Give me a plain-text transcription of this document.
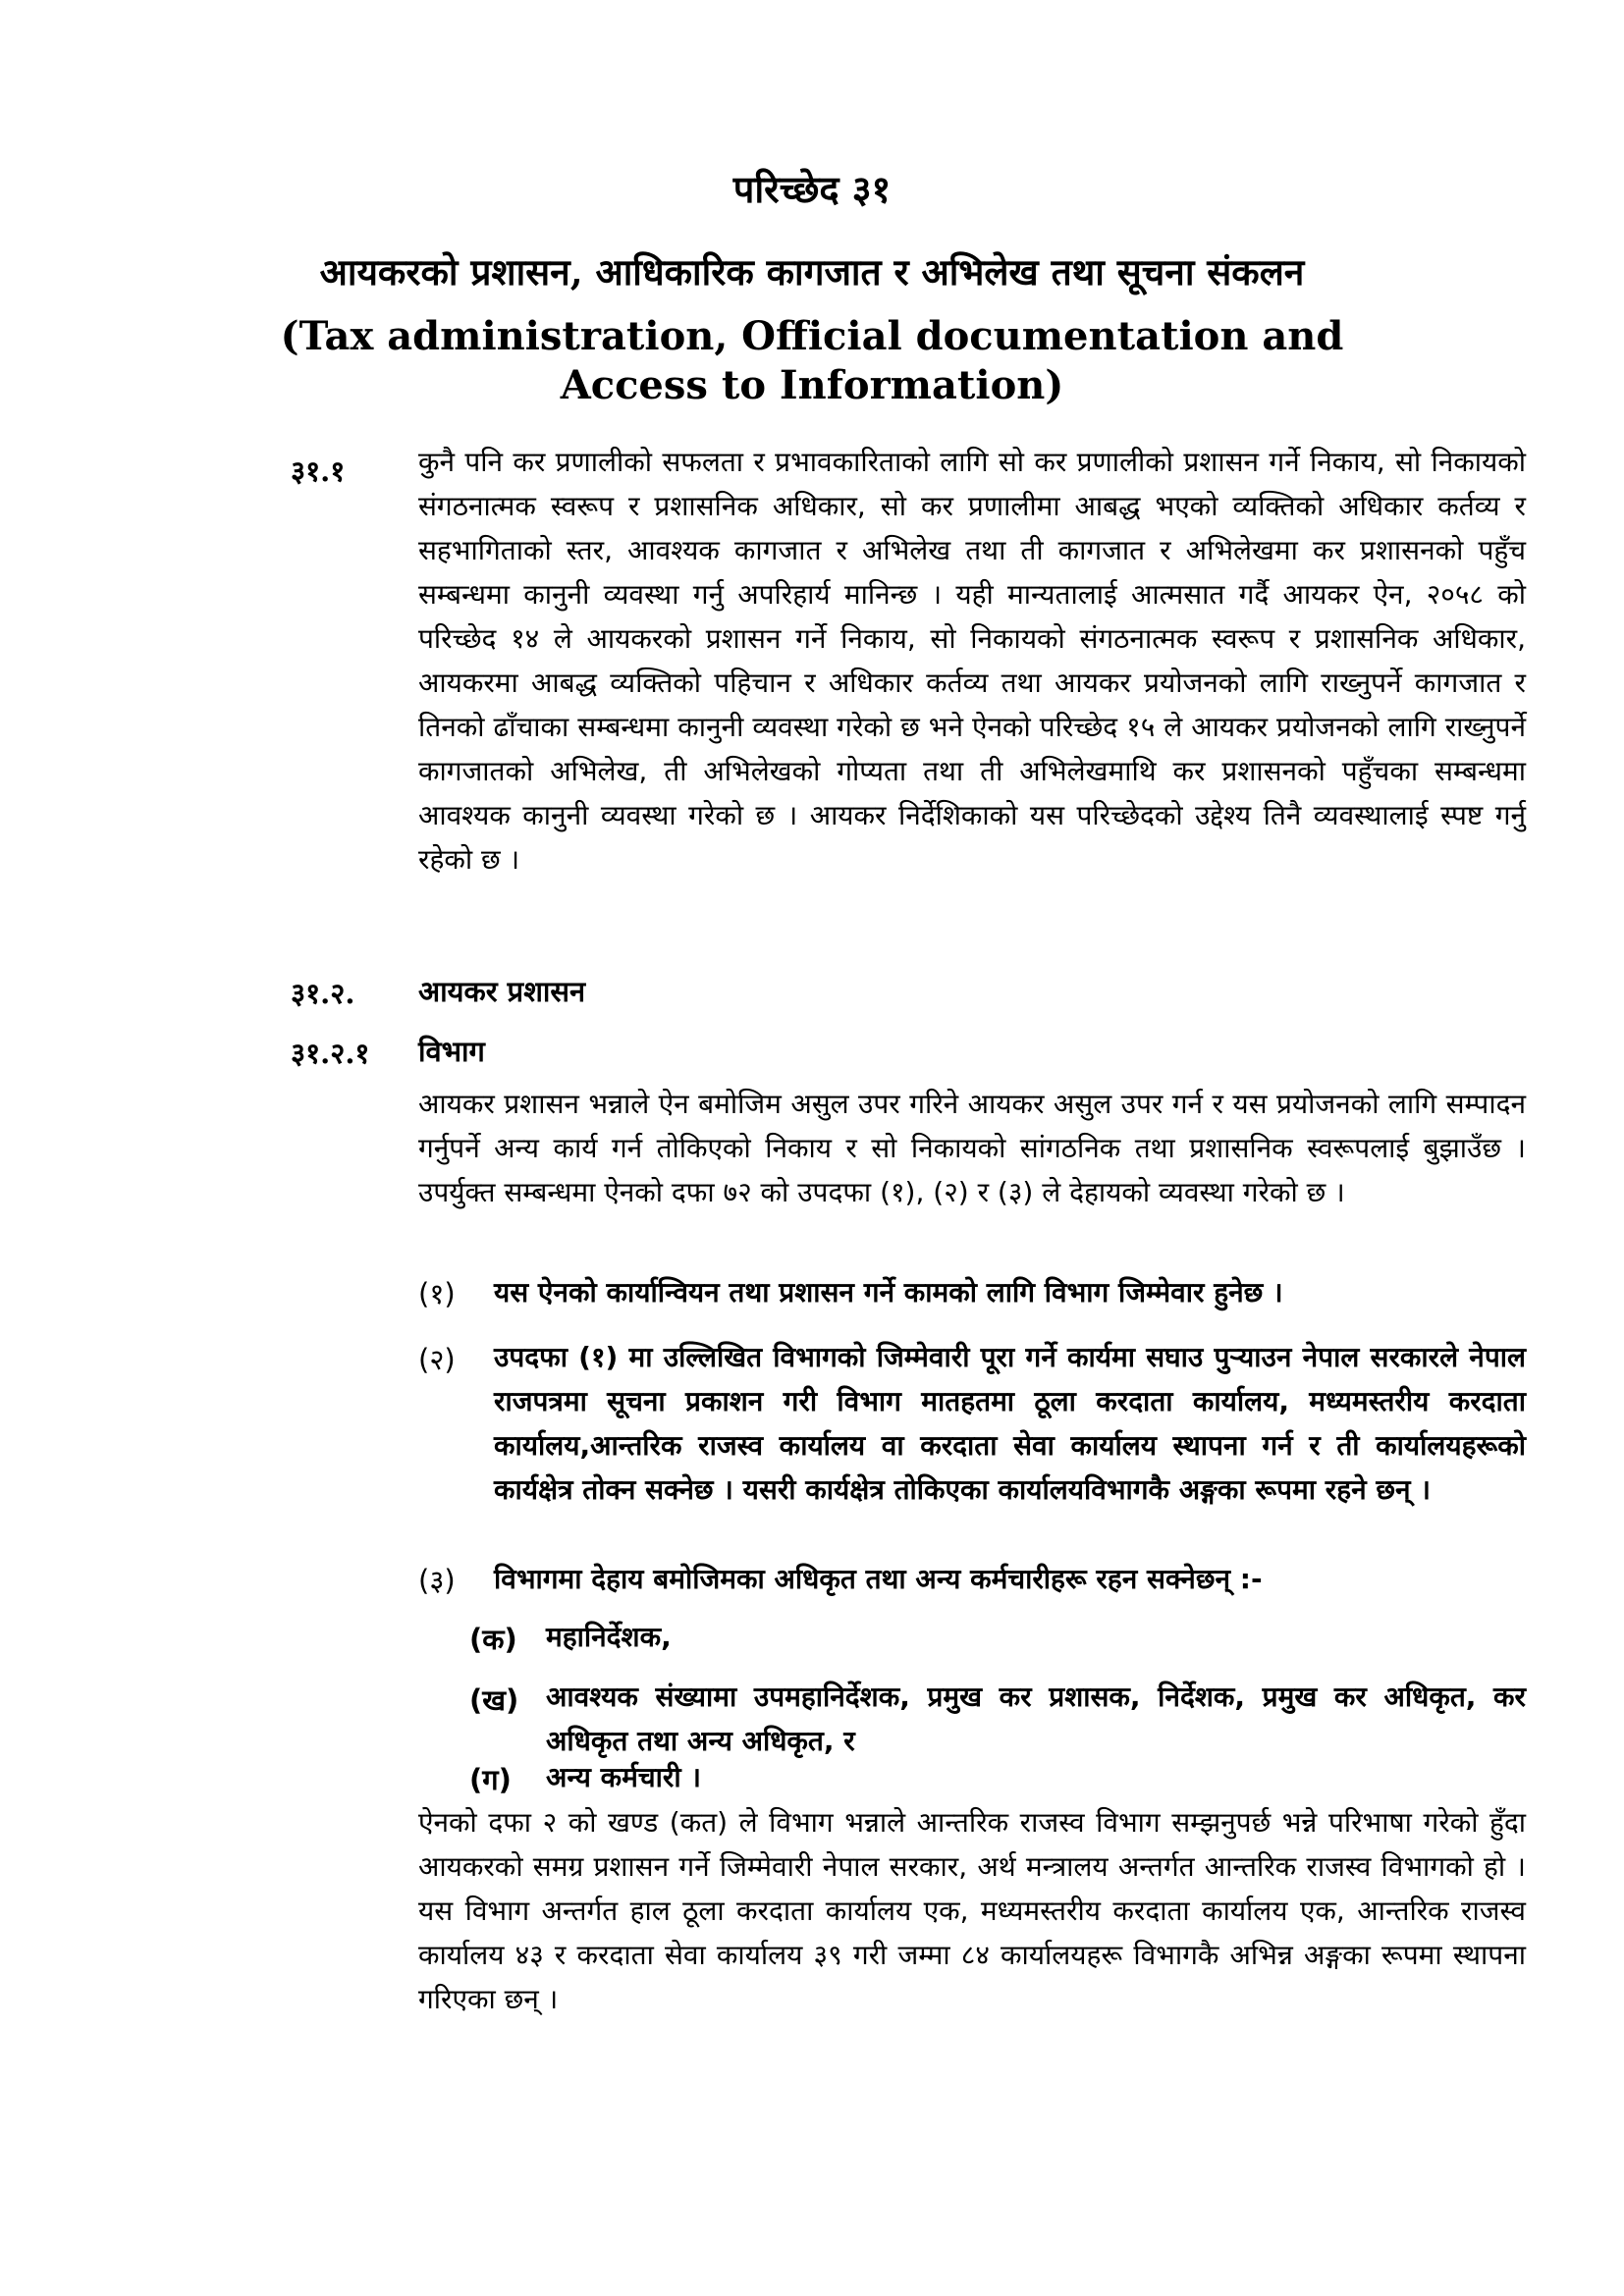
परिच्छेद ३१
आयकरको प्रशासन, आधिकारिक कागजात र अभिलेख तथा सूचना संकलन
(Tax administration, Official documentation and
Access to Information)
३१.१	कुनै पनि कर प्रणालीको सफलता र प्रभावकारिताको लागि सो कर प्रणालीको प्रशासन गर्ने निकाय, सो निकायको संगठनात्मक स्वरूप र प्रशासनिक अधिकार, सो कर प्रणालीमा आबद्ध भएको व्यक्तिको अधिकार कर्तव्य र सहभागिताको स्तर, आवश्यक कागजात र अभिलेख तथा ती कागजात र अभिलेखमा कर प्रशासनको पहुँच सम्बन्धमा कानुनी व्यवस्था गर्नु अपरिहार्य मानिन्छ । यही मान्यतालाई आत्मसात गर्दै आयकर ऐन, २०५८ को परिच्छेद १४ ले आयकरको प्रशासन गर्ने निकाय, सो निकायको संगठनात्मक स्वरूप र प्रशासनिक अधिकार, आयकरमा आबद्ध व्यक्तिको पहिचान र अधिकार कर्तव्य तथा आयकर प्रयोजनको लागि राख्नुपर्ने कागजात र तिनको ढाँचाका सम्बन्धमा कानुनी व्यवस्था गरेको छ भने ऐनको परिच्छेद १५ ले आयकर प्रयोजनको लागि राख्नुपर्ने कागजातको अभिलेख, ती अभिलेखको गोप्यता तथा ती अभिलेखमाथि कर प्रशासनको पहुँचका सम्बन्धमा आवश्यक कानुनी व्यवस्था गरेको छ । आयकर निर्देशिकाको यस परिच्छेदको उद्देश्य तिनै व्यवस्थालाई स्पष्ट गर्नु रहेको छ ।
३१.२. आयकर प्रशासन
३१.२.१ विभाग
आयकर प्रशासन भन्नाले ऐन बमोजिम असुल उपर गरिने आयकर असुल उपर गर्न र यस प्रयोजनको लागि सम्पादन गर्नुपर्ने अन्य कार्य गर्न तोकिएको निकाय र सो निकायको सांगठनिक तथा प्रशासनिक स्वरूपलाई बुझाउँछ । उपर्युक्त सम्बन्धमा ऐनको दफा ७२ को उपदफा (१), (२) र (३) ले देहायको व्यवस्था गरेको छ ।
(१) यस ऐनको कार्यान्वियन तथा प्रशासन गर्ने कामको लागि विभाग जिम्मेवार हुनेछ ।
(२) उपदफा (१) मा उल्लिखित विभागको जिम्मेवारी पूरा गर्ने कार्यमा सघाउ पुऱ्याउन नेपाल सरकारले नेपाल राजपत्रमा सूचना प्रकाशन गरी विभाग मातहतमा ठूला करदाता कार्यालय, मध्यमस्तरीय करदाता कार्यालय,आन्तरिक राजस्व कार्यालय वा करदाता सेवा कार्यालय स्थापना गर्न र ती कार्यालयहरूको कार्यक्षेत्र तोक्न सक्नेछ । यसरी कार्यक्षेत्र तोकिएका कार्यालयविभागकै अङ्गका रूपमा रहने छन् ।
(३) विभागमा देहाय बमोजिमका अधिकृत तथा अन्य कर्मचारीहरू रहन सक्नेछन् :-
(क) महानिर्देशक,
(ख) आवश्यक संख्यामा उपमहानिर्देशक, प्रमुख कर प्रशासक, निर्देशक, प्रमुख कर अधिकृत, कर अधिकृत तथा अन्य अधिकृत, र
(ग) अन्य कर्मचारी ।
ऐनको दफा २ को खण्ड (कत) ले विभाग भन्नाले आन्तरिक राजस्व विभाग सम्झनुपर्छ भन्ने परिभाषा गरेको हुँदा आयकरको समग्र प्रशासन गर्ने जिम्मेवारी नेपाल सरकार, अर्थ मन्त्रालय अन्तर्गत आन्तरिक राजस्व विभागको हो । यस विभाग अन्तर्गत हाल ठूला करदाता कार्यालय एक, मध्यमस्तरीय करदाता कार्यालय एक, आन्तरिक राजस्व कार्यालय ४३ र करदाता सेवा कार्यालय ३९ गरी जम्मा ८४ कार्यालयहरू विभागकै अभिन्न अङ्गका रूपमा स्थापना गरिएका छन् ।
